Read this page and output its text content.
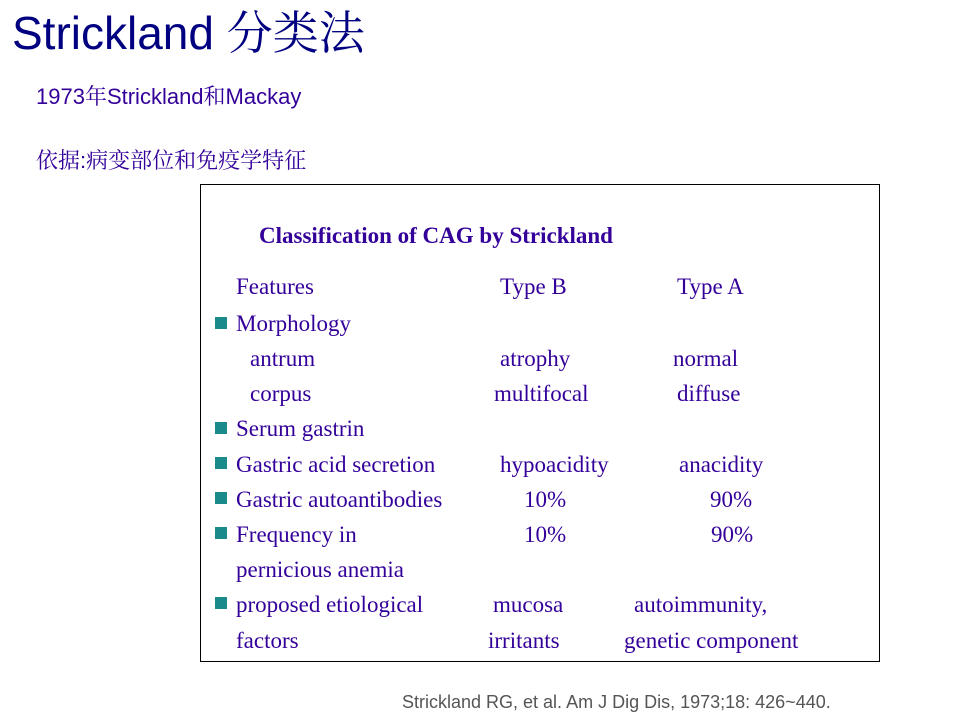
Strickland 分类法
1973年Strickland和Mackay
依据:病变部位和免疫学特征
Classification of CAG by Strickland
Features	Type B	Type A
Morphology
antrum	atrophy	normal
corpus	multifocal	diffuse
Serum gastrin
Gastric acid secretion	hypoacidity	anacidity
Gastric autoantibodies	10%	90%
Frequency in	10%	90%
pernicious anemia
proposed etiological	mucosa	autoimmunity,
factors	irritants	genetic component
Strickland RG, et al. Am J Dig Dis, 1973;18: 426~440.
